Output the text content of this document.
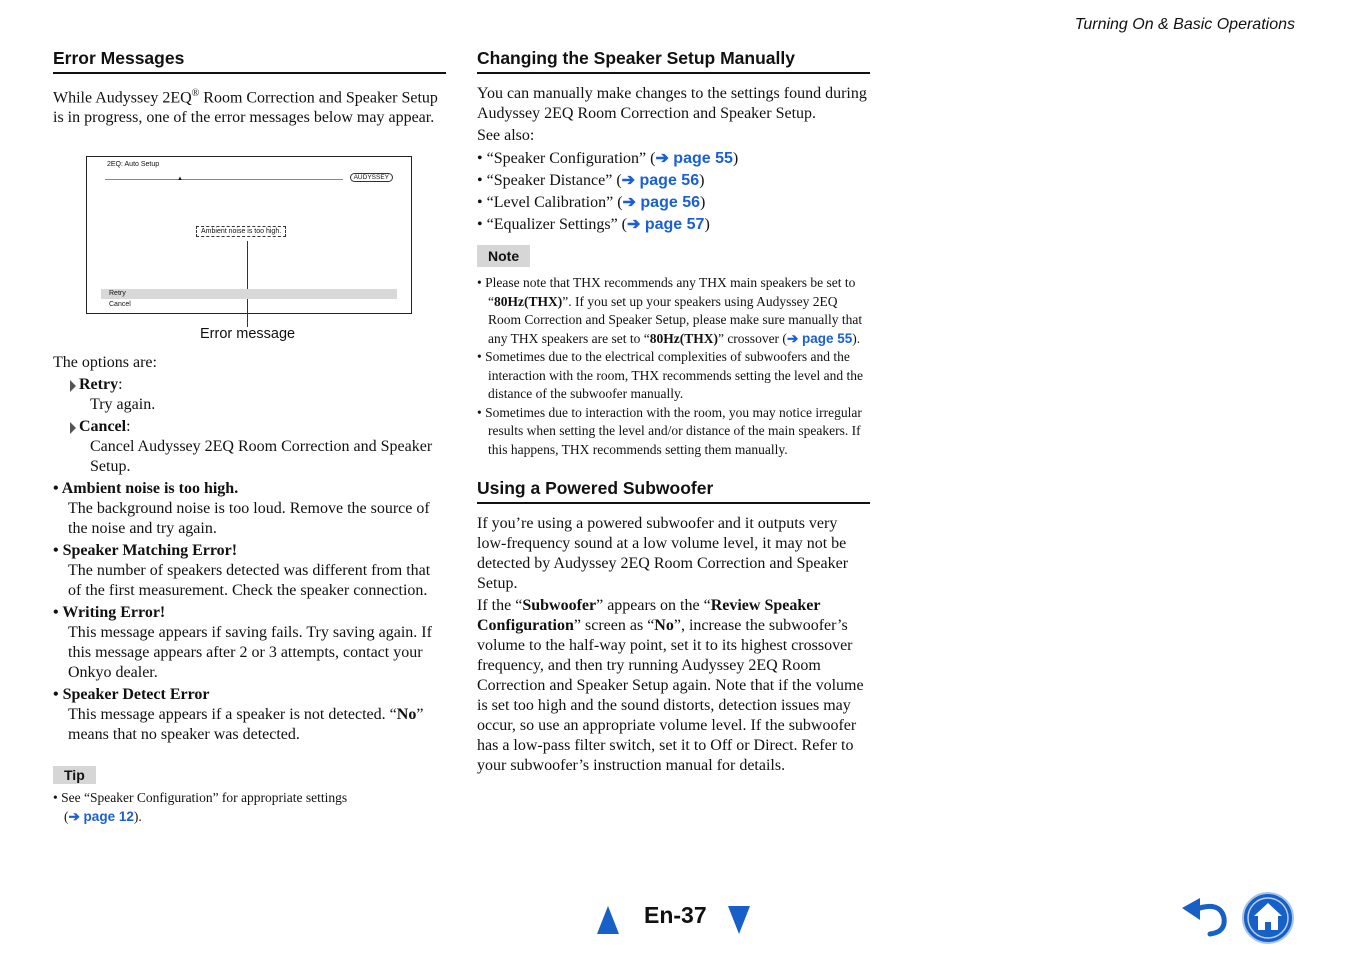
Turning On & Basic Operations
Error Messages

While Audyssey 2EQ® Room Correction and Speaker Setup is in progress, one of the error messages below may appear.

2EQ: Auto Setup
▲	AUDYSSEY
Ambient noise is too high.
Retry
Cancel
Error message

The options are:

Retry:
Try again.
Cancel:
Cancel Audyssey 2EQ Room Correction and Speaker Setup.
• Ambient noise is too high.
The background noise is too loud. Remove the source of the noise and try again.
• Speaker Matching Error!
The number of speakers detected was different from that of the first measurement. Check the speaker connection.
• Writing Error!
This message appears if saving fails. Try saving again. If this message appears after 2 or 3 attempts, contact your Onkyo dealer.
• Speaker Detect Error
This message appears if a speaker is not detected. “No” means that no speaker was detected.
Tip
• See “Speaker Configuration” for appropriate settings
(➔ page 12).
Changing the Speaker Setup Manually

You can manually make changes to the settings found during Audyssey 2EQ Room Correction and Speaker Setup.

See also:

• “Speaker Configuration” (➔ page 55)
• “Speaker Distance” (➔ page 56)
• “Level Calibration” (➔ page 56)
• “Equalizer Settings” (➔ page 57)
Note
• Please note that THX recommends any THX main speakers be set to “80Hz(THX)”. If you set up your speakers using Audyssey 2EQ Room Correction and Speaker Setup, please make sure manually that any THX speakers are set to “80Hz(THX)” crossover (➔ page 55).
• Sometimes due to the electrical complexities of subwoofers and the interaction with the room, THX recommends setting the level and the distance of the subwoofer manually.
• Sometimes due to interaction with the room, you may notice irregular results when setting the level and/or distance of the main speakers. If this happens, THX recommends setting them manually.
Using a Powered Subwoofer

If you’re using a powered subwoofer and it outputs very low-frequency sound at a low volume level, it may not be detected by Audyssey 2EQ Room Correction and Speaker Setup.

If the “Subwoofer” appears on the “Review Speaker Configuration” screen as “No”, increase the subwoofer’s volume to the half-way point, set it to its highest crossover frequency, and then try running Audyssey 2EQ Room Correction and Speaker Setup again. Note that if the volume is set too high and the sound distorts, detection issues may occur, so use an appropriate volume level. If the subwoofer has a low-pass filter switch, set it to Off or Direct. Refer to your subwoofer’s instruction manual for details.

En-37
